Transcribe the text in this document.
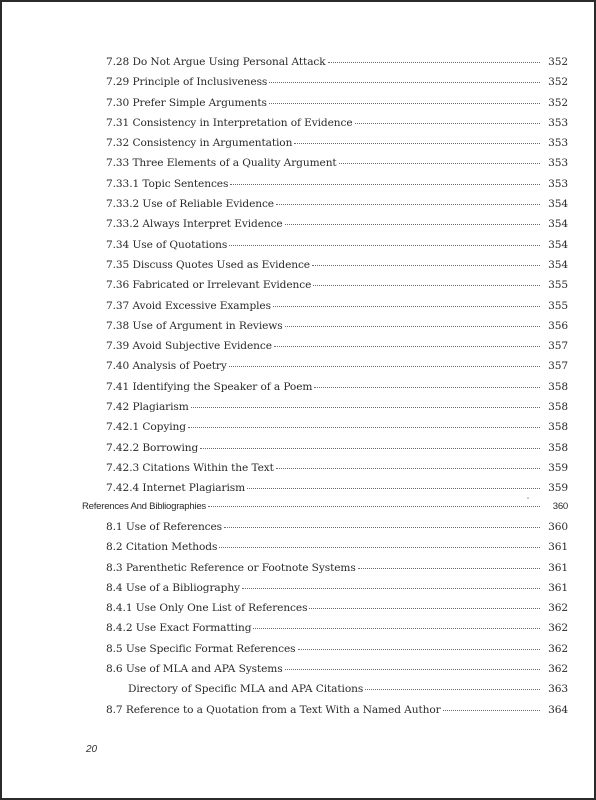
7.28 Do Not Argue Using Personal Attack	352
7.29 Principle of Inclusiveness	352
7.30 Prefer Simple Arguments	352
7.31 Consistency in Interpretation of Evidence	353
7.32 Consistency in Argumentation	353
7.33 Three Elements of a Quality Argument	353
7.33.1 Topic Sentences	353
7.33.2 Use of Reliable Evidence	354
7.33.2 Always Interpret Evidence	354
7.34 Use of Quotations	354
7.35 Discuss Quotes Used as Evidence	354
7.36 Fabricated or Irrelevant Evidence	355
7.37 Avoid Excessive Examples	355
7.38 Use of Argument in Reviews	356
7.39 Avoid Subjective Evidence	357
7.40 Analysis of Poetry	357
7.41 Identifying the Speaker of a Poem	358
7.42 Plagiarism	358
7.42.1 Copying	358
7.42.2 Borrowing	358
7.42.3 Citations Within the Text	359
7.42.4 Internet Plagiarism	359
References And Bibliographies	360
8.1 Use of References	360
8.2 Citation Methods	361
8.3 Parenthetic Reference or Footnote Systems	361
8.4 Use of a Bibliography	361
8.4.1 Use Only One List of References	362
8.4.2 Use Exact Formatting	362
8.5 Use Specific Format References	362
8.6 Use of MLA and APA Systems	362
Directory of Specific MLA and APA Citations	363
8.7 Reference to a Quotation from a Text With a Named Author	364
20
